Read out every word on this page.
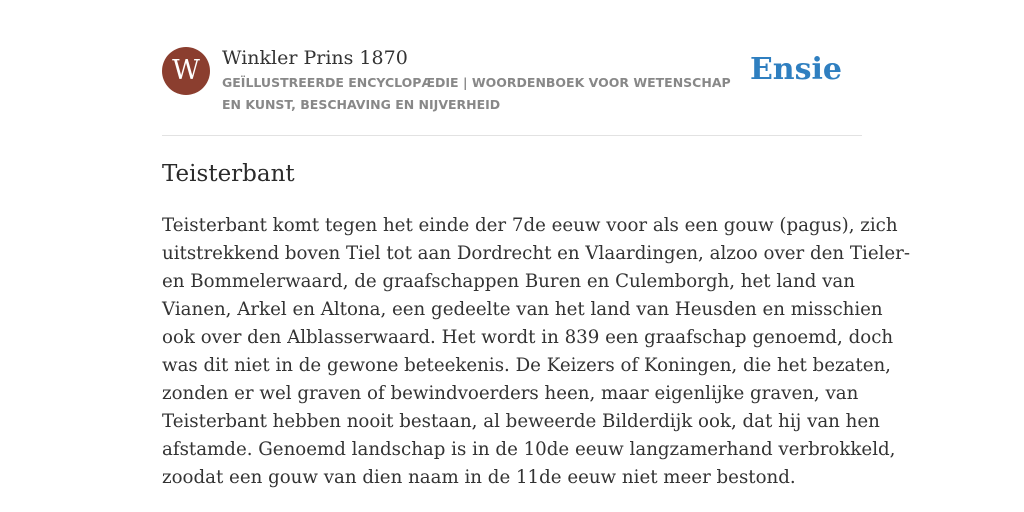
W	Winkler Prins 1870
GEÏLLUSTREERDE ENCYCLOPÆDIE | WOORDENBOEK VOOR WETENSCHAP EN KUNST, BESCHAVING EN NIJVERHEID
Ensie
Teisterbant

Teisterbant komt tegen het einde der 7de eeuw voor als een gouw (pagus), zich
uitstrekkend boven Tiel tot aan Dordrecht en Vlaardingen, alzoo over den Tieler-
en Bommelerwaard, de graafschappen Buren en Culemborgh, het land van
Vianen, Arkel en Altona, een gedeelte van het land van Heusden en misschien
ook over den Alblasserwaard. Het wordt in 839 een graafschap genoemd, doch
was dit niet in de gewone beteekenis. De Keizers of Koningen, die het bezaten,
zonden er wel graven of bewindvoerders heen, maar eigenlijke graven, van
Teisterbant hebben nooit bestaan, al beweerde Bilderdijk ook, dat hij van hen
afstamde. Genoemd landschap is in de 10de eeuw langzamerhand verbrokkeld,
zoodat een gouw van dien naam in de 11de eeuw niet meer bestond.
